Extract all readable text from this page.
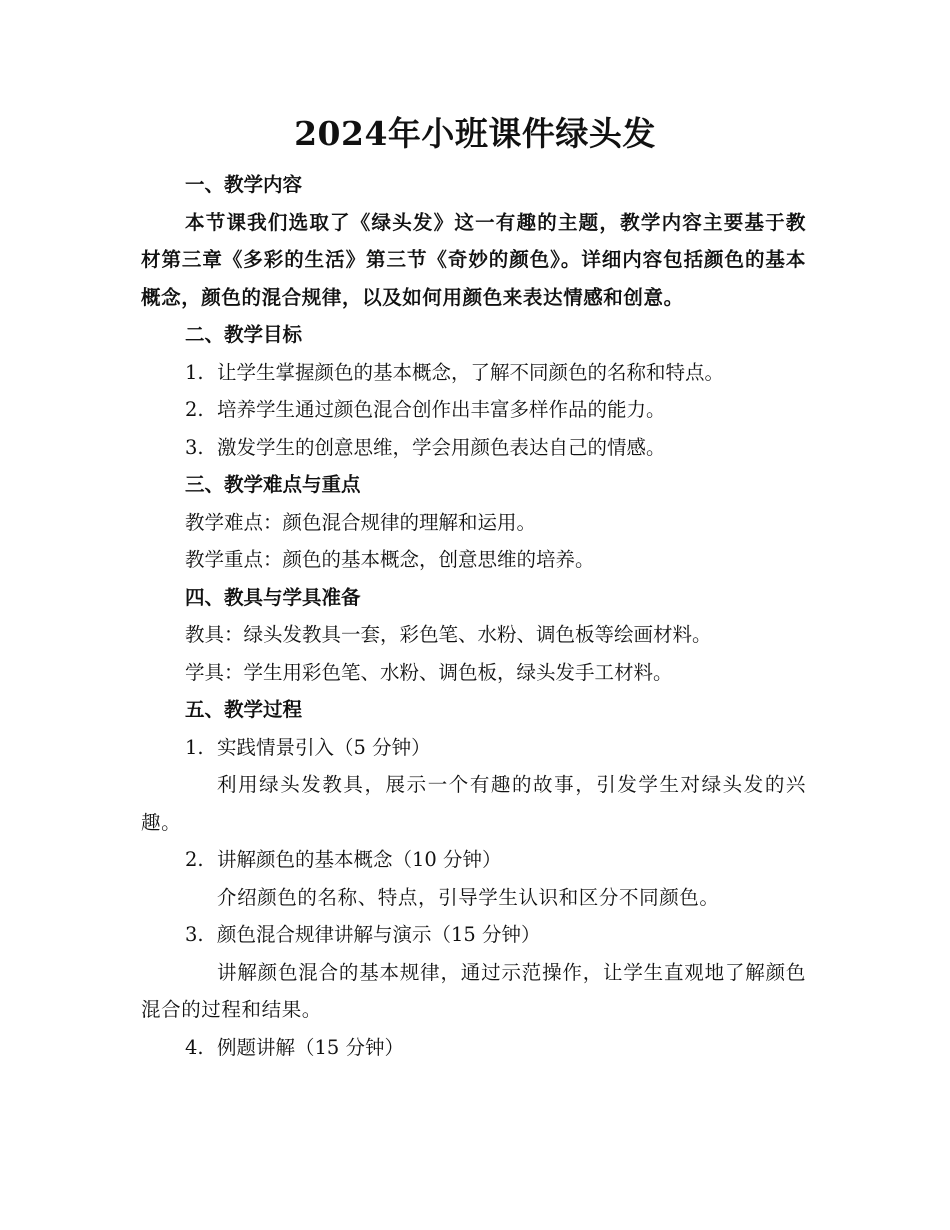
2024年小班课件绿头发
一、教学内容
本节课我们选取了《绿头发》这一有趣的主题，教学内容主要基于教材第三章《多彩的生活》第三节《奇妙的颜色》。详细内容包括颜色的基本概念，颜色的混合规律，以及如何用颜色来表达情感和创意。
二、教学目标
1. 让学生掌握颜色的基本概念，了解不同颜色的名称和特点。
2. 培养学生通过颜色混合创作出丰富多样作品的能力。
3. 激发学生的创意思维，学会用颜色表达自己的情感。
三、教学难点与重点
教学难点：颜色混合规律的理解和运用。
教学重点：颜色的基本概念，创意思维的培养。
四、教具与学具准备
教具：绿头发教具一套，彩色笔、水粉、调色板等绘画材料。
学具：学生用彩色笔、水粉、调色板，绿头发手工材料。
五、教学过程
1. 实践情景引入（5 分钟）
利用绿头发教具，展示一个有趣的故事，引发学生对绿头发的兴趣。
2. 讲解颜色的基本概念（10 分钟）
介绍颜色的名称、特点，引导学生认识和区分不同颜色。
3. 颜色混合规律讲解与演示（15 分钟）
讲解颜色混合的基本规律，通过示范操作，让学生直观地了解颜色混合的过程和结果。
4. 例题讲解（15 分钟）
